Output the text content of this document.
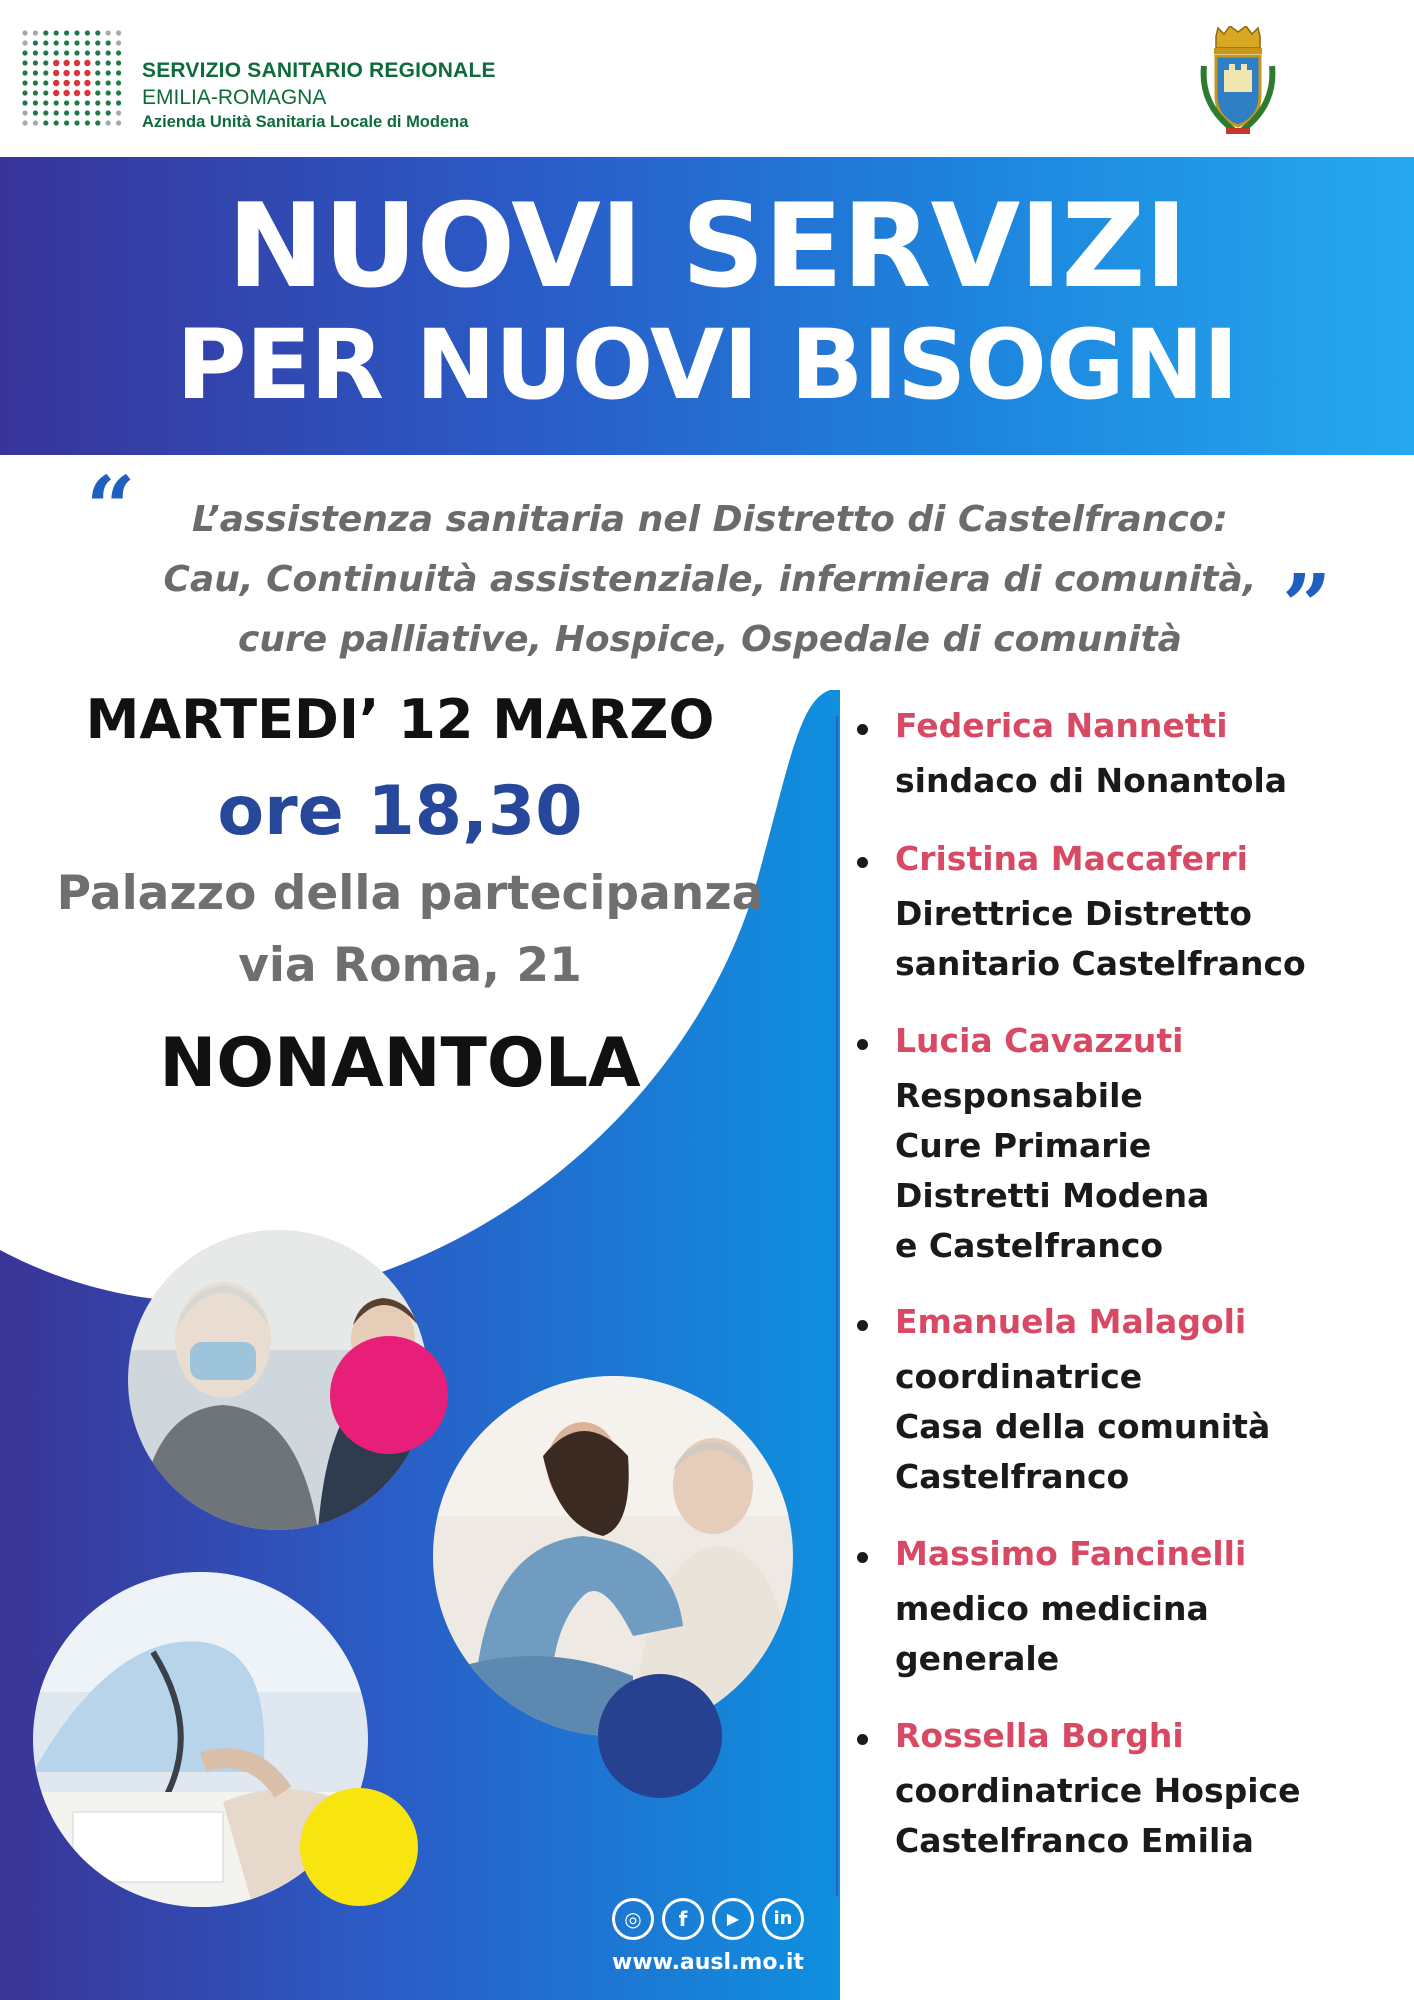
SERVIZIO SANITARIO REGIONALE
EMILIA-ROMAGNA
Azienda Unità Sanitaria Locale di Modena
NUOVI SERVIZI
PER NUOVI BISOGNI
“	L’assistenza sanitaria nel Distretto di Castelfranco:
Cau, Continuità assistenziale, infermiera di comunità,
cure palliative, Hospice, Ospedale di comunità	”
MARTEDI’ 12 MARZO
ore 18,30
Palazzo della partecipanza
via Roma, 21
NONANTOLA
Federica Nannetti
sindaco di Nonantola
Cristina Maccaferri
Direttrice Distretto
sanitario Castelfranco
Lucia Cavazzuti
Responsabile
Cure Primarie
Distretti Modena
e Castelfranco
Emanuela Malagoli
coordinatrice
Casa della comunità
Castelfranco
Massimo Fancinelli
medico medicina
generale
Rossella Borghi
coordinatrice Hospice
Castelfranco Emilia
◎	f	▶	in
www.ausl.mo.it
